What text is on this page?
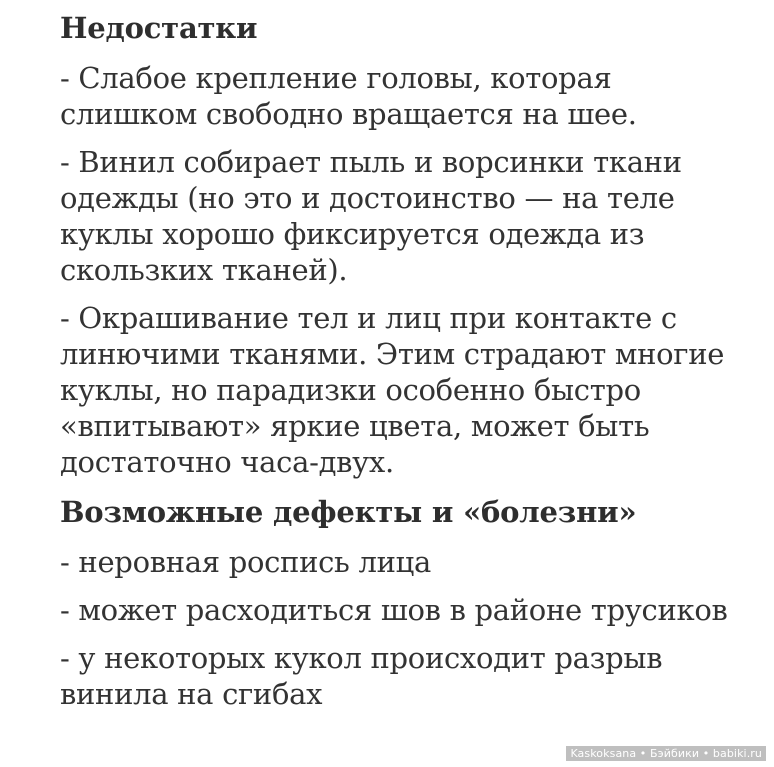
Недостатки

- Слабое крепление головы, которая слишком свободно вращается на шее.

- Винил собирает пыль и ворсинки ткани одежды (но это и достоинство — на теле куклы хорошо фиксируется одежда из скользких тканей).

- Окрашивание тел и лиц при контакте с линючими тканями. Этим страдают многие куклы, но парадизки особенно быстро «впитывают» яркие цвета, может быть достаточно часа-двух.

Возможные дефекты и «болезни»

- неровная роспись лица

- может расходиться шов в районе трусиков

- у некоторых кукол происходит разрыв винила на сгибах

Kaskoksana • Бэйбики • babiki.ru
